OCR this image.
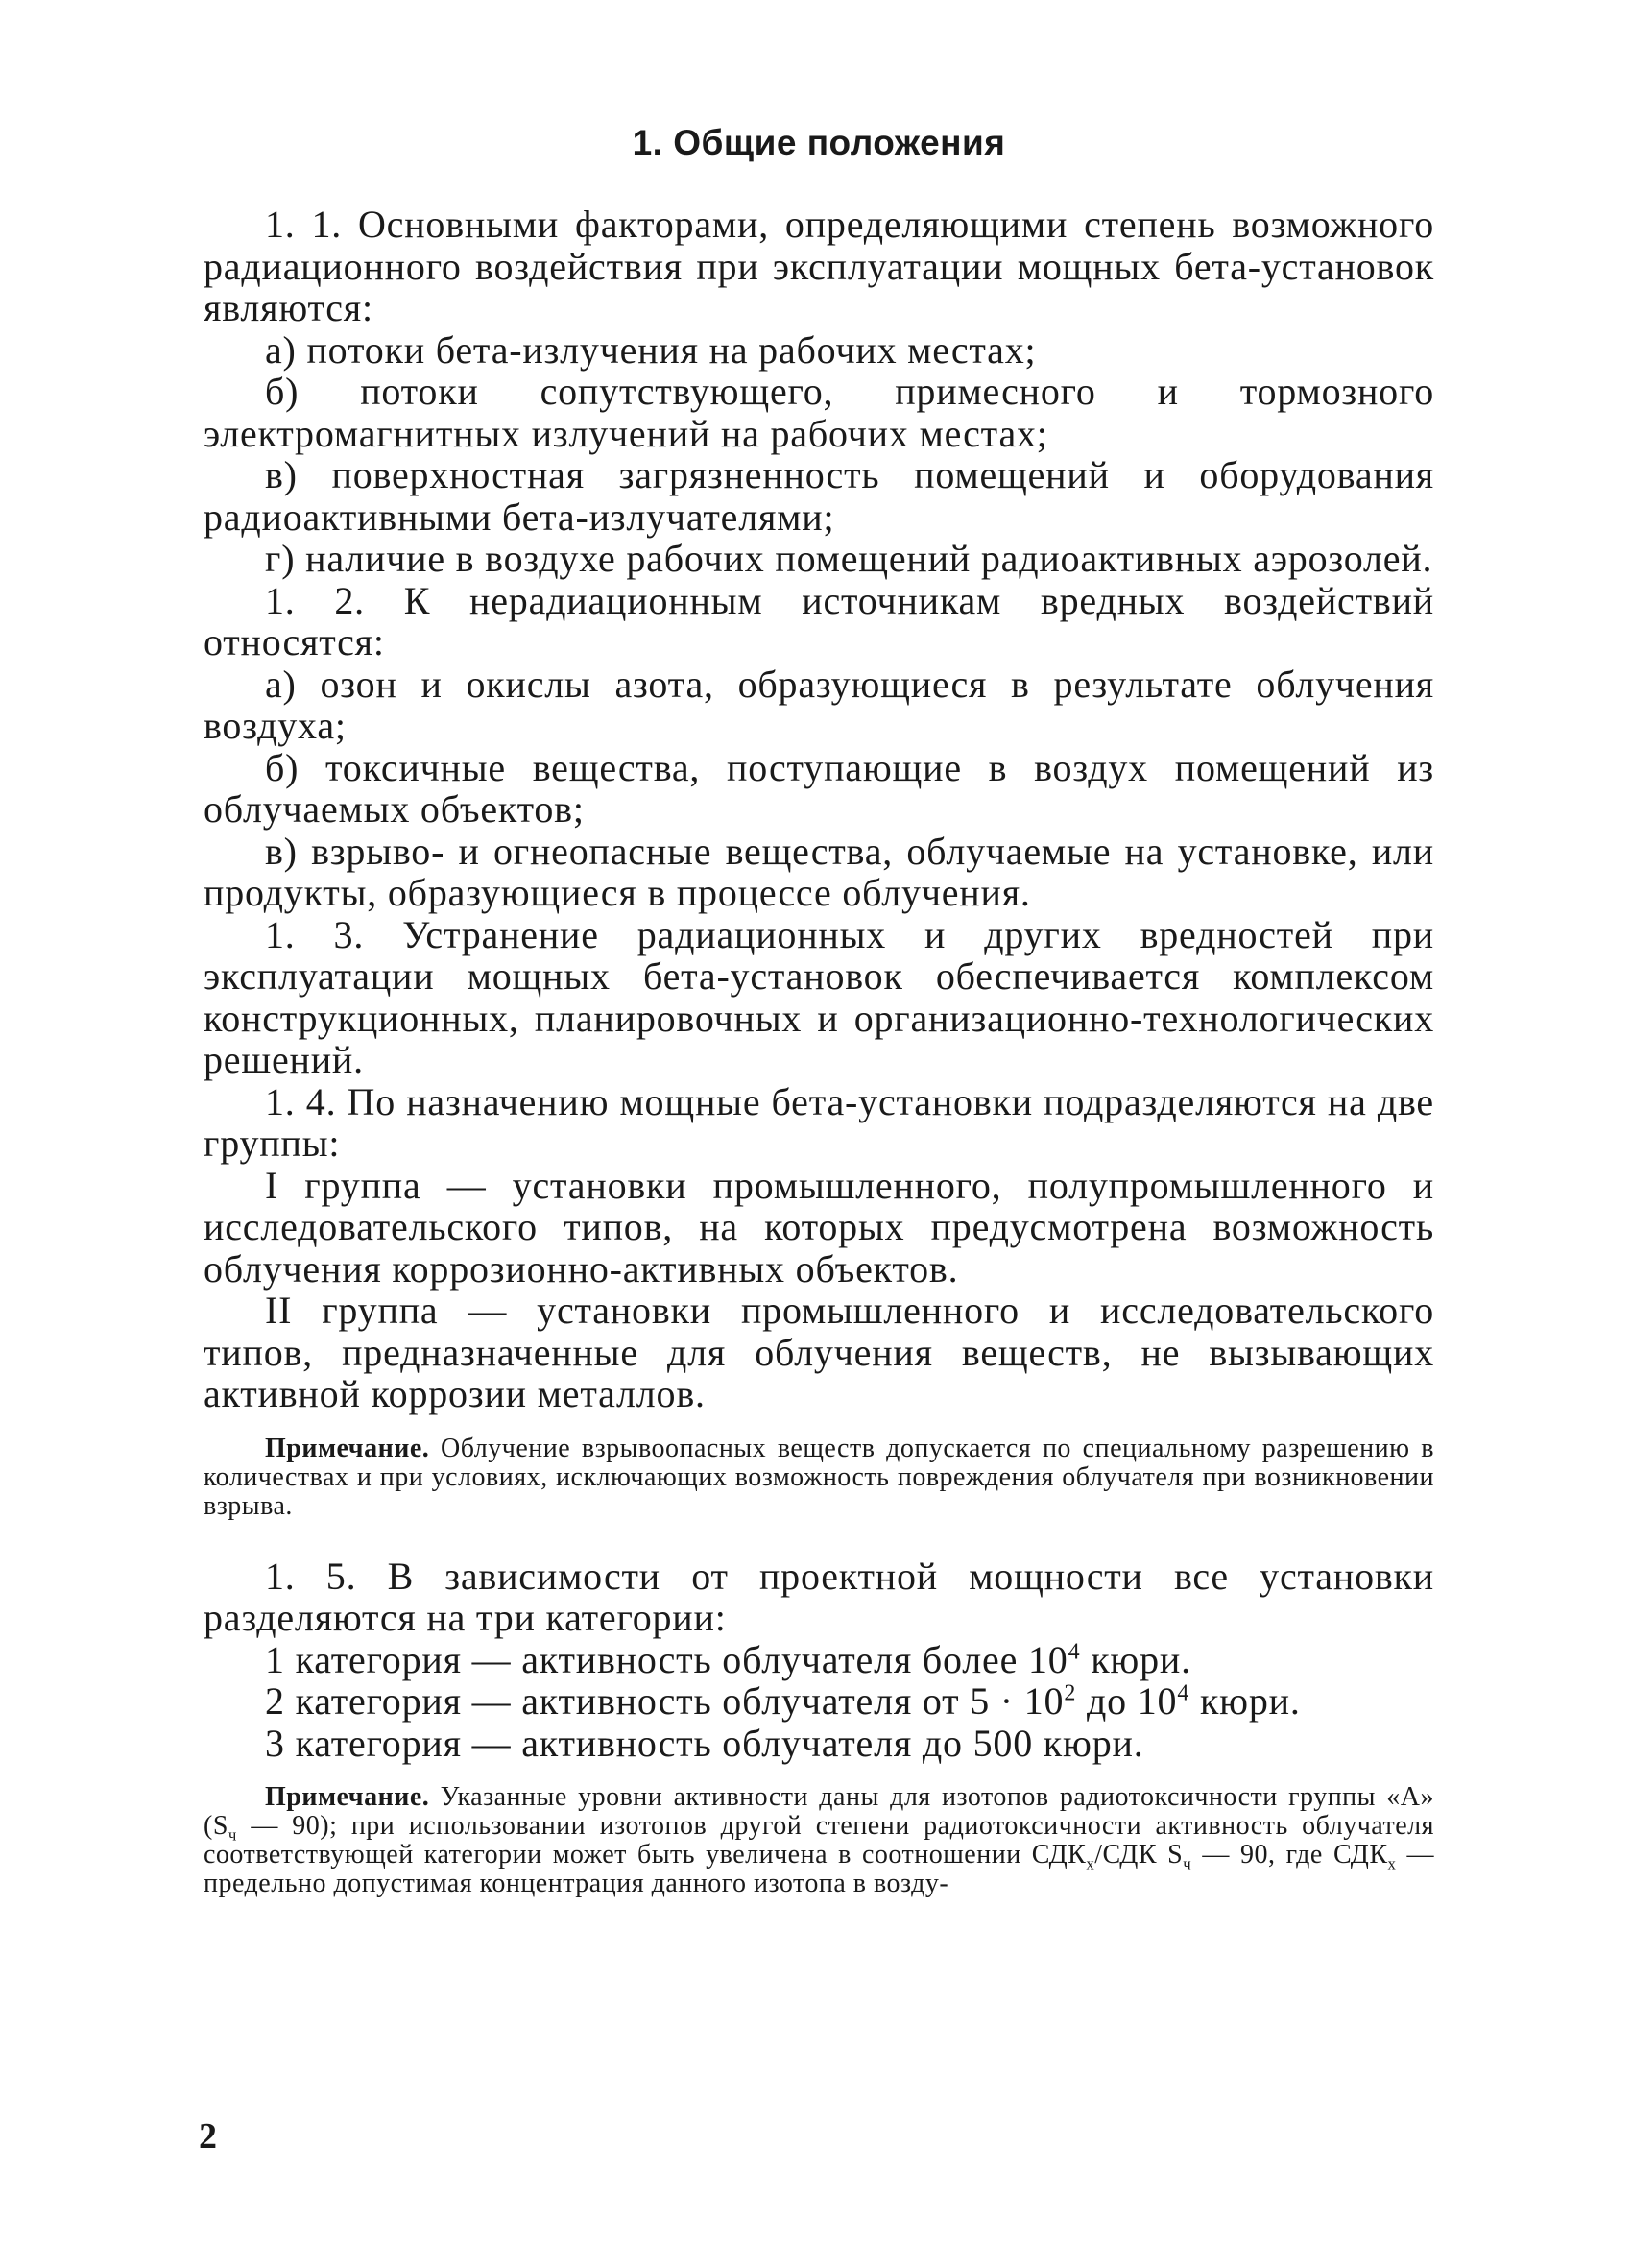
1. Общие положения

1. 1. Основными факторами, определяющими степень возможного радиационного воздействия при эксплуатации мощных бета-установок являются:

а) потоки бета-излучения на рабочих местах;

б) потоки сопутствующего, примесного и тормозного электромагнитных излучений на рабочих местах;

в) поверхностная загрязненность помещений и оборудования радиоактивными бета-излучателями;

г) наличие в воздухе рабочих помещений радиоактивных аэрозолей.

1. 2. К нерадиационным источникам вредных воздействий относятся:

а) озон и окислы азота, образующиеся в результате облучения воздуха;

б) токсичные вещества, поступающие в воздух помещений из облучаемых объектов;

в) взрыво- и огнеопасные вещества, облучаемые на установке, или продукты, образующиеся в процессе облучения.

1. 3. Устранение радиационных и других вредностей при эксплуатации мощных бета-установок обеспечивается комплексом конструкционных, планировочных и организационно-технологических решений.

1. 4. По назначению мощные бета-установки подразделяются на две группы:

I группа — установки промышленного, полупромышленного и исследовательского типов, на которых предусмотрена возможность облучения коррозионно-активных объектов.

II группа — установки промышленного и исследовательского типов, предназначенные для облучения веществ, не вызывающих активной коррозии металлов.

Примечание. Облучение взрывоопасных веществ допускается по специальному разрешению в количествах и при условиях, исключающих возможность повреждения облучателя при возникновении взрыва.

1. 5. В зависимости от проектной мощности все установки разделяются на три категории:

1 категория — активность облучателя более $10^4$ кюри.

2 категория — активность облучателя от $5 \cdot 10^2$ до $10^4$ кюри.

3 категория — активность облучателя до 500 кюри.

Примечание. Указанные уровни активности даны для изотопов радиотоксичности группы «А» ($S_ч$ — 90); при использовании изотопов другой степени радиотоксичности активность облучателя соответствующей категории может быть увеличена в соотношении $СДК_x$/СДК $S_ч$ — 90, где $СДК_x$ — предельно допустимая концентрация данного изотопа в возду-

2
